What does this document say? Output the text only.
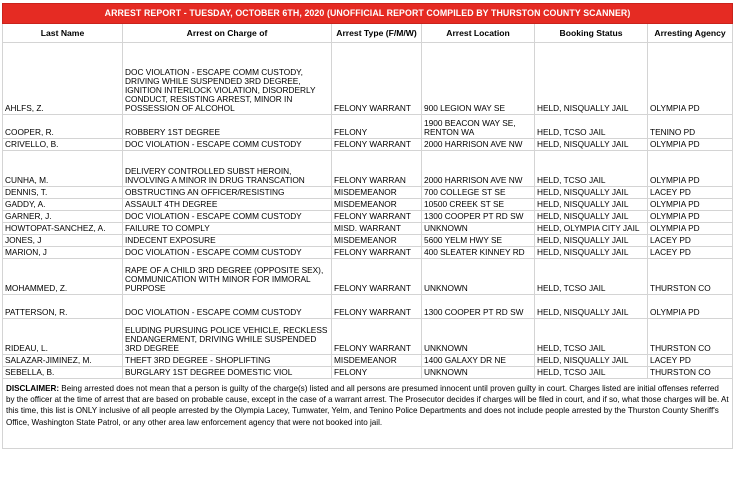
ARREST REPORT - TUESDAY, OCTOBER 6TH, 2020 (UNOFFICIAL REPORT COMPILED BY THURSTON COUNTY SCANNER)					
Last Name	Arrest on Charge of	Arrest Type (F/M/W)	Arrest Location	Booking Status	Arresting Agency
AHLFS, Z.	DOC VIOLATION - ESCAPE COMM CUSTODY, DRIVING WHILE SUSPENDED 3RD DEGREE, IGNITION INTERLOCK VIOLATION, DISORDERLY CONDUCT, RESISTING ARREST, MINOR IN POSSESSION OF ALCOHOL	FELONY WARRANT	900 LEGION WAY SE	HELD, NISQUALLY JAIL	OLYMPIA PD
COOPER, R.	ROBBERY 1ST DEGREE	FELONY	1900 BEACON WAY SE, RENTON WA	HELD, TCSO JAIL	TENINO PD
CRIVELLO, B.	DOC VIOLATION - ESCAPE COMM CUSTODY	FELONY WARRANT	2000 HARRISON AVE NW	HELD, NISQUALLY JAIL	OLYMPIA PD
CUNHA, M.	DELIVERY CONTROLLED SUBST HEROIN, INVOLVING A MINOR IN DRUG TRANSCATION	FELONY WARRAN	2000 HARRISON AVE NW	HELD, TCSO JAIL	OLYMPIA PD
DENNIS, T.	OBSTRUCTING AN OFFICER/RESISTING	MISDEMEANOR	700 COLLEGE ST SE	HELD, NISQUALLY JAIL	LACEY PD
GADDY, A.	ASSAULT 4TH DEGREE	MISDEMEANOR	10500 CREEK ST SE	HELD, NISQUALLY JAIL	OLYMPIA PD
GARNER, J.	DOC VIOLATION - ESCAPE COMM CUSTODY	FELONY WARRANT	1300 COOPER PT RD SW	HELD, NISQUALLY JAIL	OLYMPIA PD
HOWTOPAT-SANCHEZ, A.	FAILURE TO COMPLY	MISD. WARRANT	UNKNOWN	HELD, OLYMPIA CITY JAIL	OLYMPIA PD
JONES, J	INDECENT EXPOSURE	MISDEMEANOR	5600 YELM HWY SE	HELD, NISQUALLY JAIL	LACEY PD
MARION, J	DOC VIOLATION - ESCAPE COMM CUSTODY	FELONY WARRANT	400 SLEATER KINNEY RD	HELD, NISQUALLY JAIL	LACEY PD
MOHAMMED, Z.	RAPE OF A CHILD 3RD DEGREE (OPPOSITE SEX), COMMUNICATION WITH MINOR FOR IMMORAL PURPOSE	FELONY WARRANT	UNKNOWN	HELD, TCSO JAIL	THURSTON CO
PATTERSON, R.	DOC VIOLATION - ESCAPE COMM CUSTODY	FELONY WARRANT	1300 COOPER PT RD SW	HELD, NISQUALLY JAIL	OLYMPIA PD
RIDEAU, L.	ELUDING PURSUING POLICE VEHICLE, RECKLESS ENDANGERMENT, DRIVING WHILE SUSPENDED 3RD DEGREE	FELONY WARRANT	UNKNOWN	HELD, TCSO JAIL	THURSTON CO
SALAZAR-JIMINEZ, M.	THEFT 3RD DEGREE - SHOPLIFTING	MISDEMEANOR	1400 GALAXY DR NE	HELD, NISQUALLY JAIL	LACEY PD
SEBELLA, B.	BURGLARY 1ST DEGREE DOMESTIC VIOL	FELONY	UNKNOWN	HELD, TCSO JAIL	THURSTON CO
DISCLAIMER: Being arrested does not mean that a person is guilty of the charge(s) listed and all persons are presumed innocent until proven guilty in court. Charges listed are initial offenses referred by the officer at the time of arrest that are based on probable cause, except in the case of a warrant arrest. The Prosecutor decides if charges will be filed in court, and if so, what those charges will be. At this time, this list is ONLY inclusive of all people arrested by the Olympia Lacey, Tumwater, Yelm, and Tenino Police Departments and does not include people arrested by the Thurston County Sheriff's Office, Washington State Patrol, or any other area law enforcement agency that were not booked into jail.					
